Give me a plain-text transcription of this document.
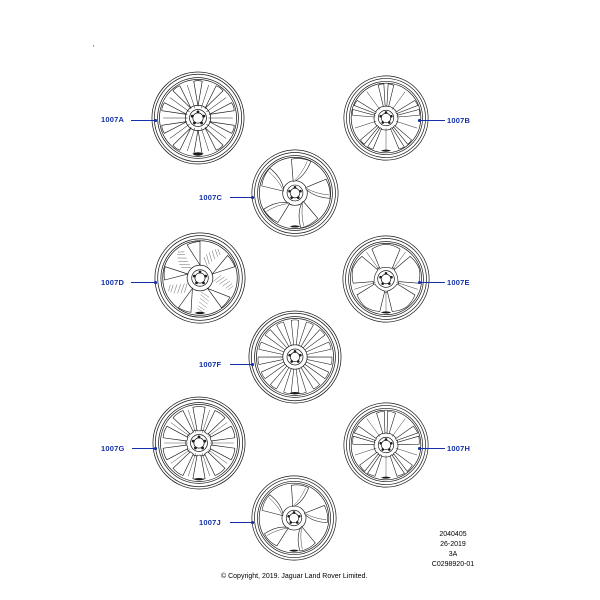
'
1007A	1007B
1007C
1007D	1007E
1007F
1007G	1007H
1007J
2040405
26-2019
3A
C0298920-01
© Copyright, 2019. Jaguar Land Rover Limited.
